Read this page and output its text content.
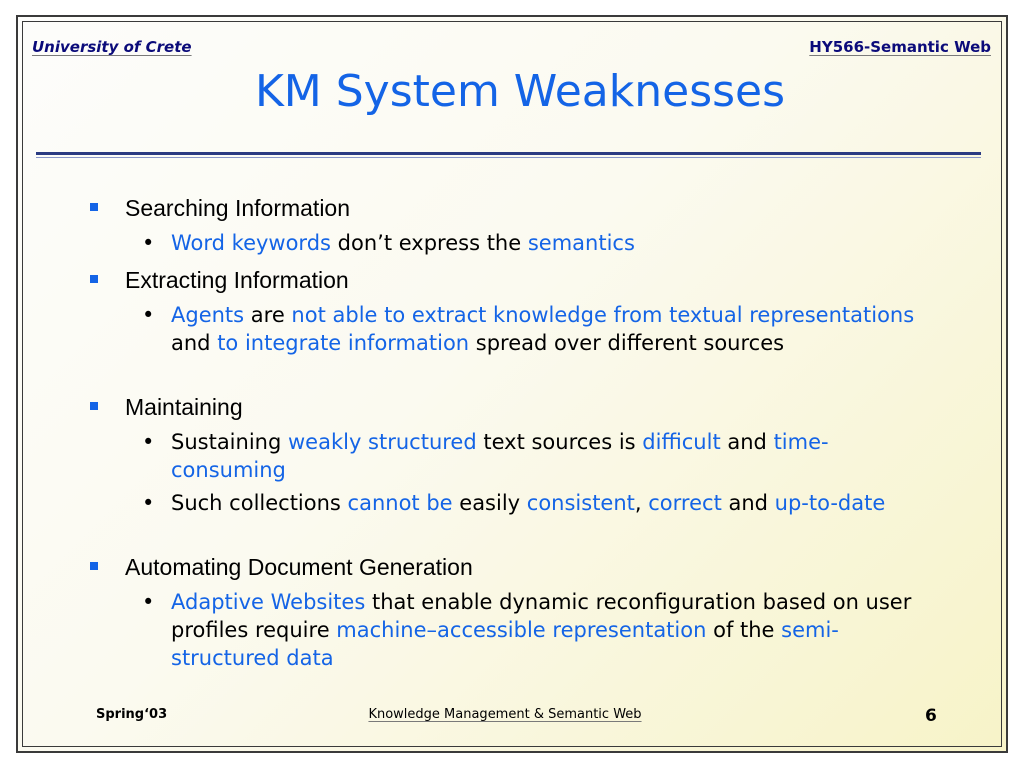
University of Crete	HY566-Semantic Web
KM System Weaknesses
Searching Information
• Word keywords don’t express the semantics
Extracting Information
• Agents are not able to extract knowledge from textual representations and to integrate information spread over different sources
Maintaining
• Sustaining weakly structured text sources is difficult and time-consuming
• Such collections cannot be easily consistent, correct and up-to-date
Automating Document Generation
• Adaptive Websites that enable dynamic reconfiguration based on user profiles require machine–accessible representation of the semi-structured data
Spring‘03	Knowledge Management & Semantic Web	6
